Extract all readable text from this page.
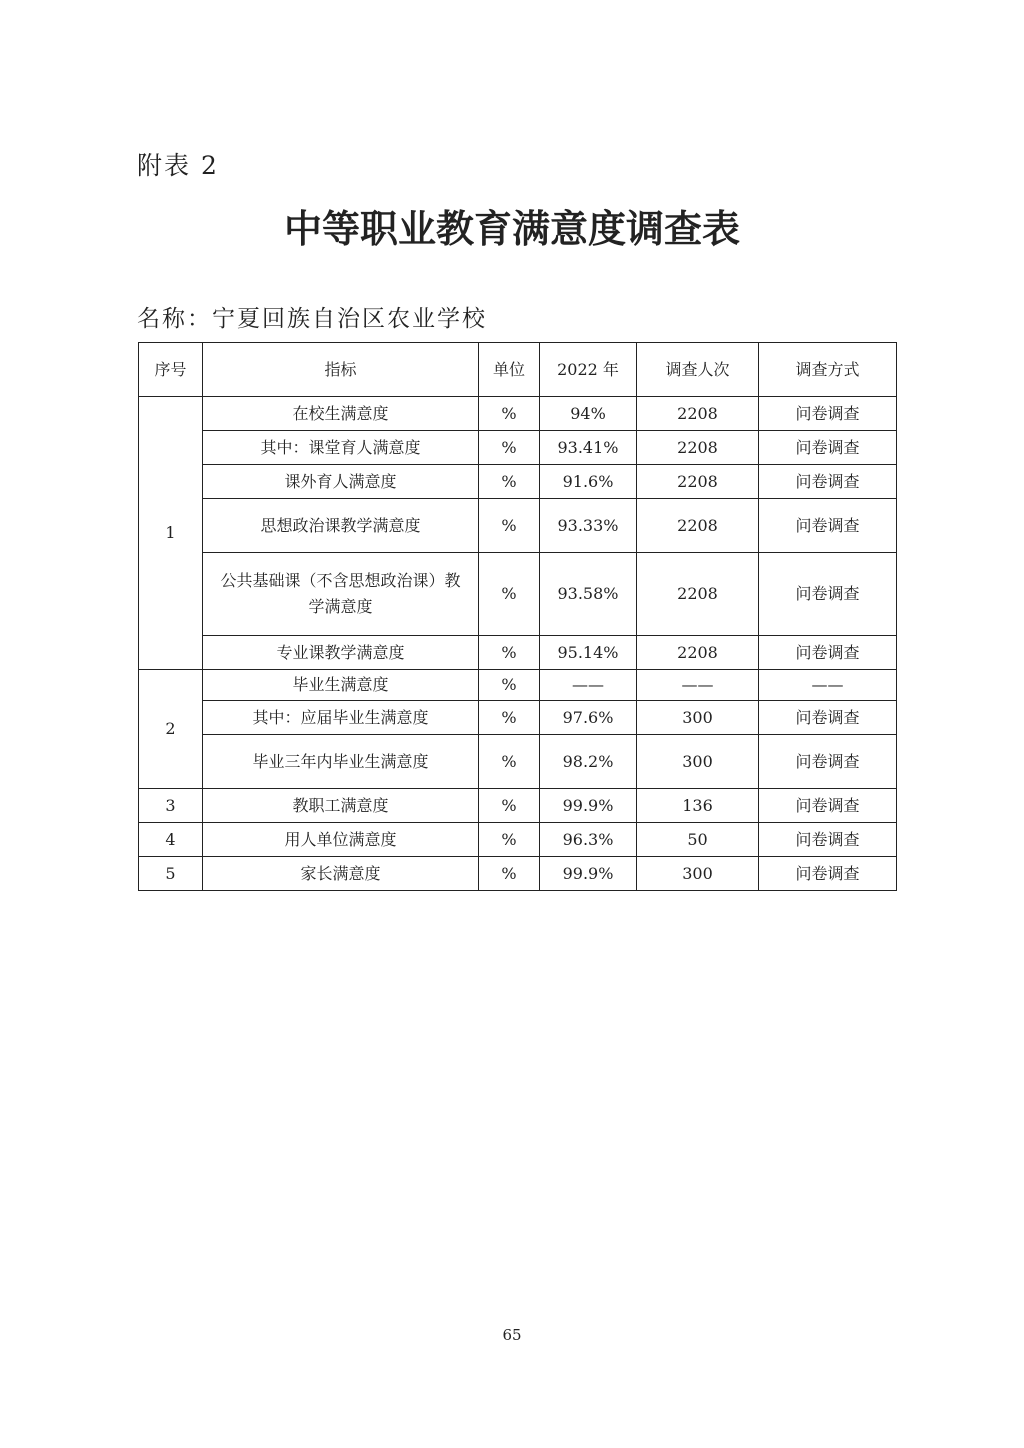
附表 2
中等职业教育满意度调查表
名称：宁夏回族自治区农业学校
序号	指标	单位	2022 年	调查人次	调查方式
1	在校生满意度	%	94%	2208	问卷调查
	其中：课堂育人满意度	%	93.41%	2208	问卷调查
	课外育人满意度	%	91.6%	2208	问卷调查
	思想政治课教学满意度	%	93.33%	2208	问卷调查
	公共基础课（不含思想政治课）教学满意度	%	93.58%	2208	问卷调查
	专业课教学满意度	%	95.14%	2208	问卷调查
2	毕业生满意度	%	——	——	——
	其中：应届毕业生满意度	%	97.6%	300	问卷调查
	毕业三年内毕业生满意度	%	98.2%	300	问卷调查
3	教职工满意度	%	99.9%	136	问卷调查
4	用人单位满意度	%	96.3%	50	问卷调查
5	家长满意度	%	99.9%	300	问卷调查
65
